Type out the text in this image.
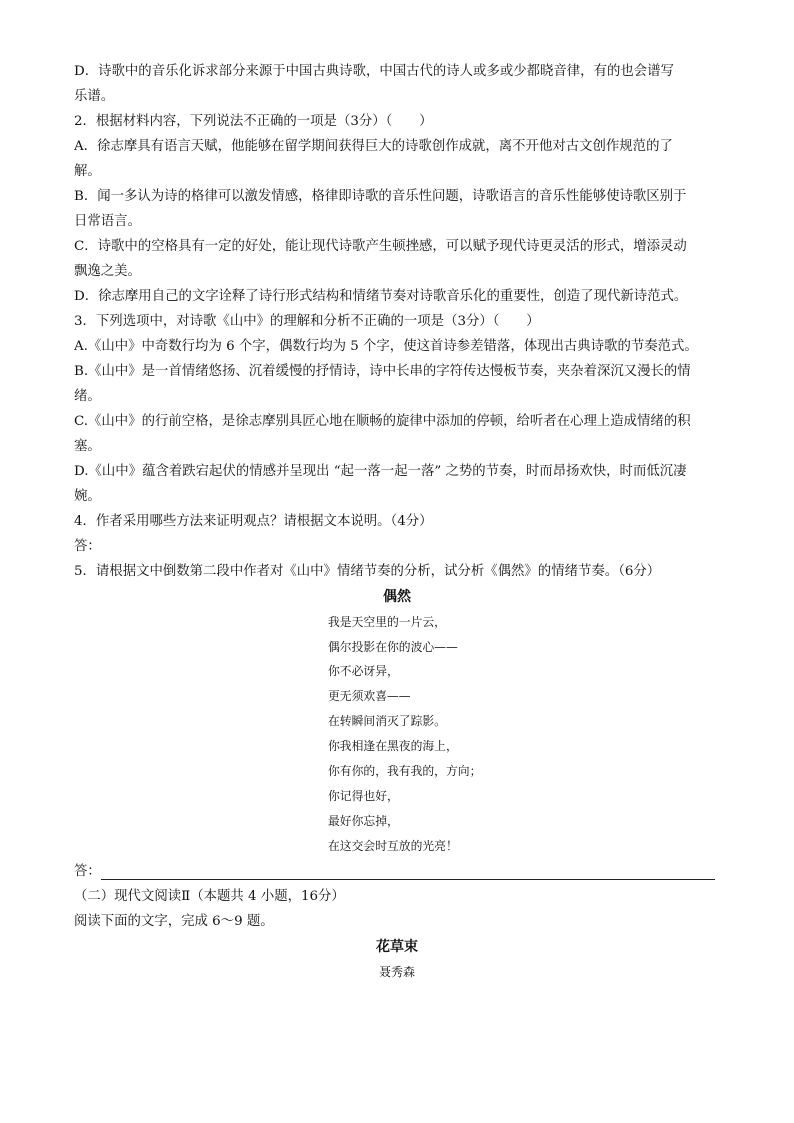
D．诗歌中的音乐化诉求部分来源于中国古典诗歌，中国古代的诗人或多或少都晓音律，有的也会谱写
乐谱。
2．根据材料内容，下列说法不正确的一项是（3分）（　　）
A．徐志摩具有语言天赋，他能够在留学期间获得巨大的诗歌创作成就，离不开他对古文创作规范的了
解。
B．闻一多认为诗的格律可以激发情感，格律即诗歌的音乐性问题，诗歌语言的音乐性能够使诗歌区别于
日常语言。
C．诗歌中的空格具有一定的好处，能让现代诗歌产生顿挫感，可以赋予现代诗更灵活的形式，增添灵动
飘逸之美。
D．徐志摩用自己的文字诠释了诗行形式结构和情绪节奏对诗歌音乐化的重要性，创造了现代新诗范式。
3．下列选项中，对诗歌《山中》的理解和分析不正确的一项是（3分）（　　）
A.《山中》中奇数行均为 6 个字，偶数行均为 5 个字，使这首诗参差错落，体现出古典诗歌的节奏范式。
B.《山中》是一首情绪悠扬、沉着缓慢的抒情诗，诗中长串的字符传达慢板节奏，夹杂着深沉又漫长的情
绪。
C.《山中》的行前空格，是徐志摩别具匠心地在顺畅的旋律中添加的停顿，给听者在心理上造成情绪的积
塞。
D.《山中》蕴含着跌宕起伏的情感并呈现出 “起一落一起一落” 之势的节奏，时而昂扬欢快，时而低沉凄
婉。
4．作者采用哪些方法来证明观点？请根据文本说明。（4分）
答：
5．请根据文中倒数第二段中作者对《山中》情绪节奏的分析，试分析《偶然》的情绪节奏。（6分）
偶然
我是天空里的一片云，
偶尔投影在你的波心——
你不必讶异，
更无须欢喜——
在转瞬间消灭了踪影。
你我相逢在黑夜的海上，
你有你的，我有我的，方向；
你记得也好，
最好你忘掉，
在这交会时互放的光亮！
答：
（二）现代文阅读Ⅱ（本题共 4 小题，16分）
阅读下面的文字，完成 6～9 题。
花草束
聂秀森
